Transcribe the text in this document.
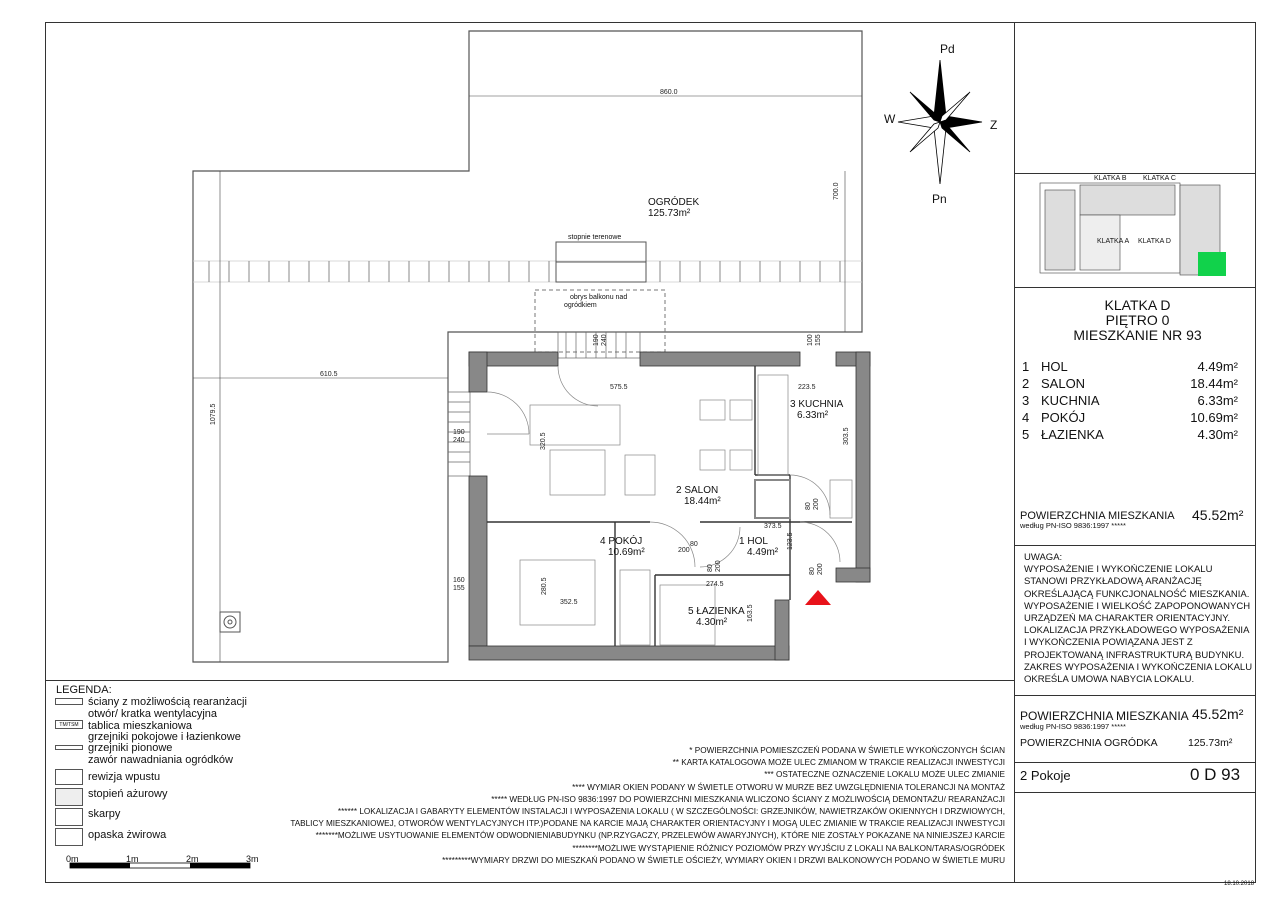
860.0
700.0
1079.5
610.5
575.5	223.5
320.5	303.5
373.5
123.5
274.5
280.5
352.5
163.5
190
240
190 240
160
155
100 155
80
200
80 200
80 200	80 200
OGRÓDEK
125.73m²
stopnie terenowe
obrys balkonu nad
ogródkiem
2 SALON
18.44m²
3 KUCHNIA
6.33m²
4 POKÓJ
10.69m²
1 HOL
4.49m²
5 ŁAZIENKA
4.30m²
Pd
Pn
W	Z
KLATKA B KLATKA C
KLATKA A KLATKA D
KLATKA D
PIĘTRO 0
MIESZKANIE NR 93
1 HOL	4.49m²
2 SALON	18.44m²
3 KUCHNIA	6.33m²
4 POKÓJ	10.69m²
5 ŁAZIENKA	4.30m²
POWIERZCHNIA MIESZKANIA
według PN-ISO 9836:1997 *****
45.52m²
UWAGA:
WYPOSAŻENIE I WYKOŃCZENIE LOKALU STANOWI PRZYKŁADOWĄ ARANŻACJĘ OKREŚLAJĄCĄ FUNKCJONALNOŚĆ MIESZKANIA. WYPOSAŻENIE I WIELKOŚĆ ZAPOPONOWANYCH URZĄDZEŃ MA CHARAKTER ORIENTACYJNY. LOKALIZACJA PRZYKŁADOWEGO WYPOSAŻENIA I WYKOŃCZENIA POWIĄZANA JEST Z PROJEKTOWANĄ INFRASTRUKTURĄ BUDYNKU. ZAKRES WYPOSAŻENIA I WYKOŃCZENIA LOKALU OKREŚLA UMOWA NABYCIA LOKALU.
POWIERZCHNIA MIESZKANIA 45.52m²
według PN-ISO 9836:1997 *****
POWIERZCHNIA OGRÓDKA	125.73m²
2 Pokoje	0 D 93
18.10.2018
LEGENDA:
TM/TSM
ściany z możliwością rearanżacji
otwór/ kratka wentylacyjna
tablica mieszkaniowa
grzejniki pokojowe i łazienkowe
grzejniki pionowe
zawór nawadniania ogródków
rewizja wpustu
stopień ażurowy
skarpy
opaska żwirowa
0m	1m	2m	3m
* POWIERZCHNIA POMIESZCZEŃ PODANA W ŚWIETLE WYKOŃCZONYCH ŚCIAN
** KARTA KATALOGOWA MOŻE ULEC ZMIANOM W TRAKCIE REALIZACJI INWESTYCJI
*** OSTATECZNE OZNACZENIE LOKALU MOŻE ULEC ZMIANIE
**** WYMIAR OKIEN PODANY W ŚWIETLE OTWORU W MURZE BEZ UWZGLĘDNIENIA TOLERANCJI NA MONTAŻ
***** WEDŁUG PN-ISO 9836:1997 DO POWIERZCHNI MIESZKANIA WLICZONO ŚCIANY Z MOŻLIWOŚCIĄ DEMONTAŻU/ REARANŻACJI
****** LOKALIZACJA I GABARYTY ELEMENTÓW INSTALACJI I WYPOSAŻENIA LOKALU ( W SZCZEGÓLNOŚCI: GRZEJNIKÓW, NAWIETRZAKÓW OKIENNYCH I DRZWIOWYCH,
TABLICY MIESZKANIOWEJ, OTWORÓW WENTYLACYJNYCH ITP.)PODANE NA KARCIE MAJĄ CHARAKTER ORIENTACYJNY I MOGĄ ULEC ZMIANIE W TRAKCIE REALIZACJI INWESTYCJI
*******MOŻLIWE USYTUOWANIE ELEMENTÓW ODWODNIENIABUDYNKU (NP.RZYGACZY, PRZELEWÓW AWARYJNYCH), KTÓRE NIE ZOSTAŁY POKAZANE NA NINIEJSZEJ KARCIE
********MOŻLIWE WYSTĄPIENIE RÓŻNICY POZIOMÓW PRZY WYJŚCIU Z LOKALI NA BALKON/TARAS/OGRÓDEK
*********WYMIARY DRZWI DO MIESZKAŃ PODANO W ŚWIETLE OŚCIEŻY, WYMIARY OKIEN I DRZWI BALKONOWYCH PODANO W ŚWIETLE MURU
